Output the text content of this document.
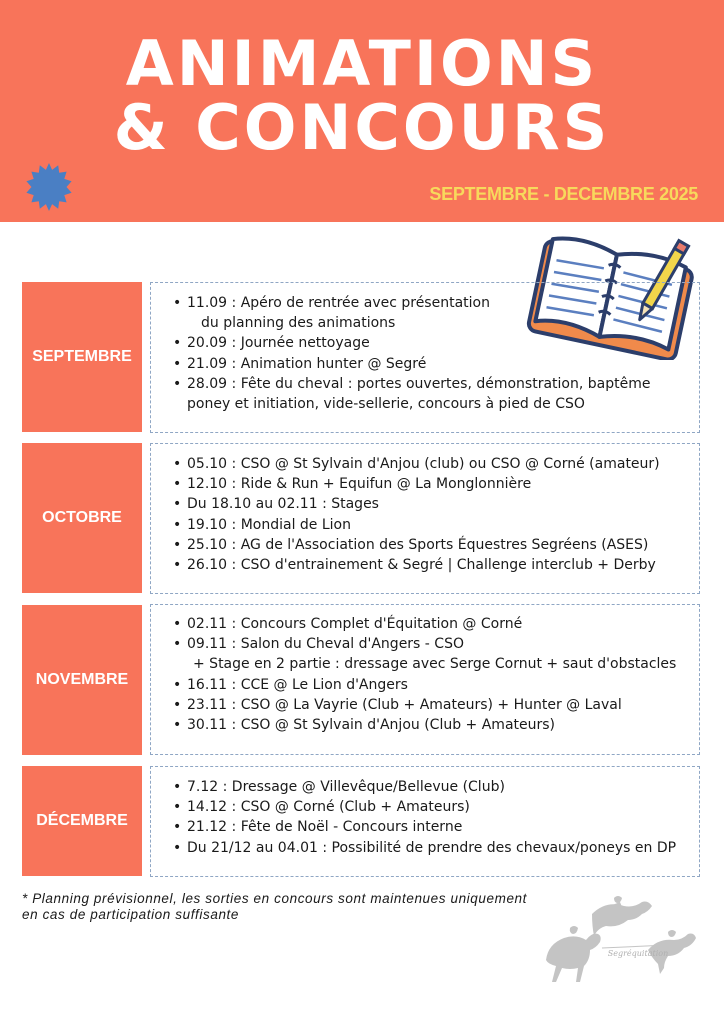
ANIMATIONS
& CONCOURS
SEPTEMBRE - DECEMBRE 2025
SEPTEMBRE
• 11.09 : Apéro de rentrée avec présentation
du planning des animations
• 20.09 : Journée nettoyage
• 21.09 : Animation hunter @ Segré
• 28.09 : Fête du cheval : portes ouvertes, démonstration, baptême
poney et initiation, vide-sellerie, concours à pied de CSO
OCTOBRE
• 05.10 : CSO @ St Sylvain d'Anjou (club) ou CSO @ Corné (amateur)
• 12.10 : Ride & Run + Equifun @ La Monglonnière
• Du 18.10 au 02.11 : Stages
• 19.10 : Mondial de Lion
• 25.10 : AG de l'Association des Sports Équestres Segréens (ASES)
• 26.10 : CSO d'entrainement & Segré | Challenge interclub + Derby
NOVEMBRE
• 02.11 : Concours Complet d'Équitation @ Corné
• 09.11 : Salon du Cheval d'Angers - CSO
+ Stage en 2 partie : dressage avec Serge Cornut + saut d'obstacles
• 16.11 : CCE @ Le Lion d'Angers
• 23.11 : CSO @ La Vayrie (Club + Amateurs) + Hunter @ Laval
• 30.11 : CSO @ St Sylvain d'Anjou (Club + Amateurs)
DÉCEMBRE
• 7.12 : Dressage @ Villevêque/Bellevue (Club)
• 14.12 : CSO @ Corné (Club + Amateurs)
• 21.12 : Fête de Noël - Concours interne
• Du 21/12 au 04.01 : Possibilité de prendre des chevaux/poneys en DP
* Planning prévisionnel, les sorties en concours sont maintenues uniquement en cas de participation suffisante
Segréquitation
